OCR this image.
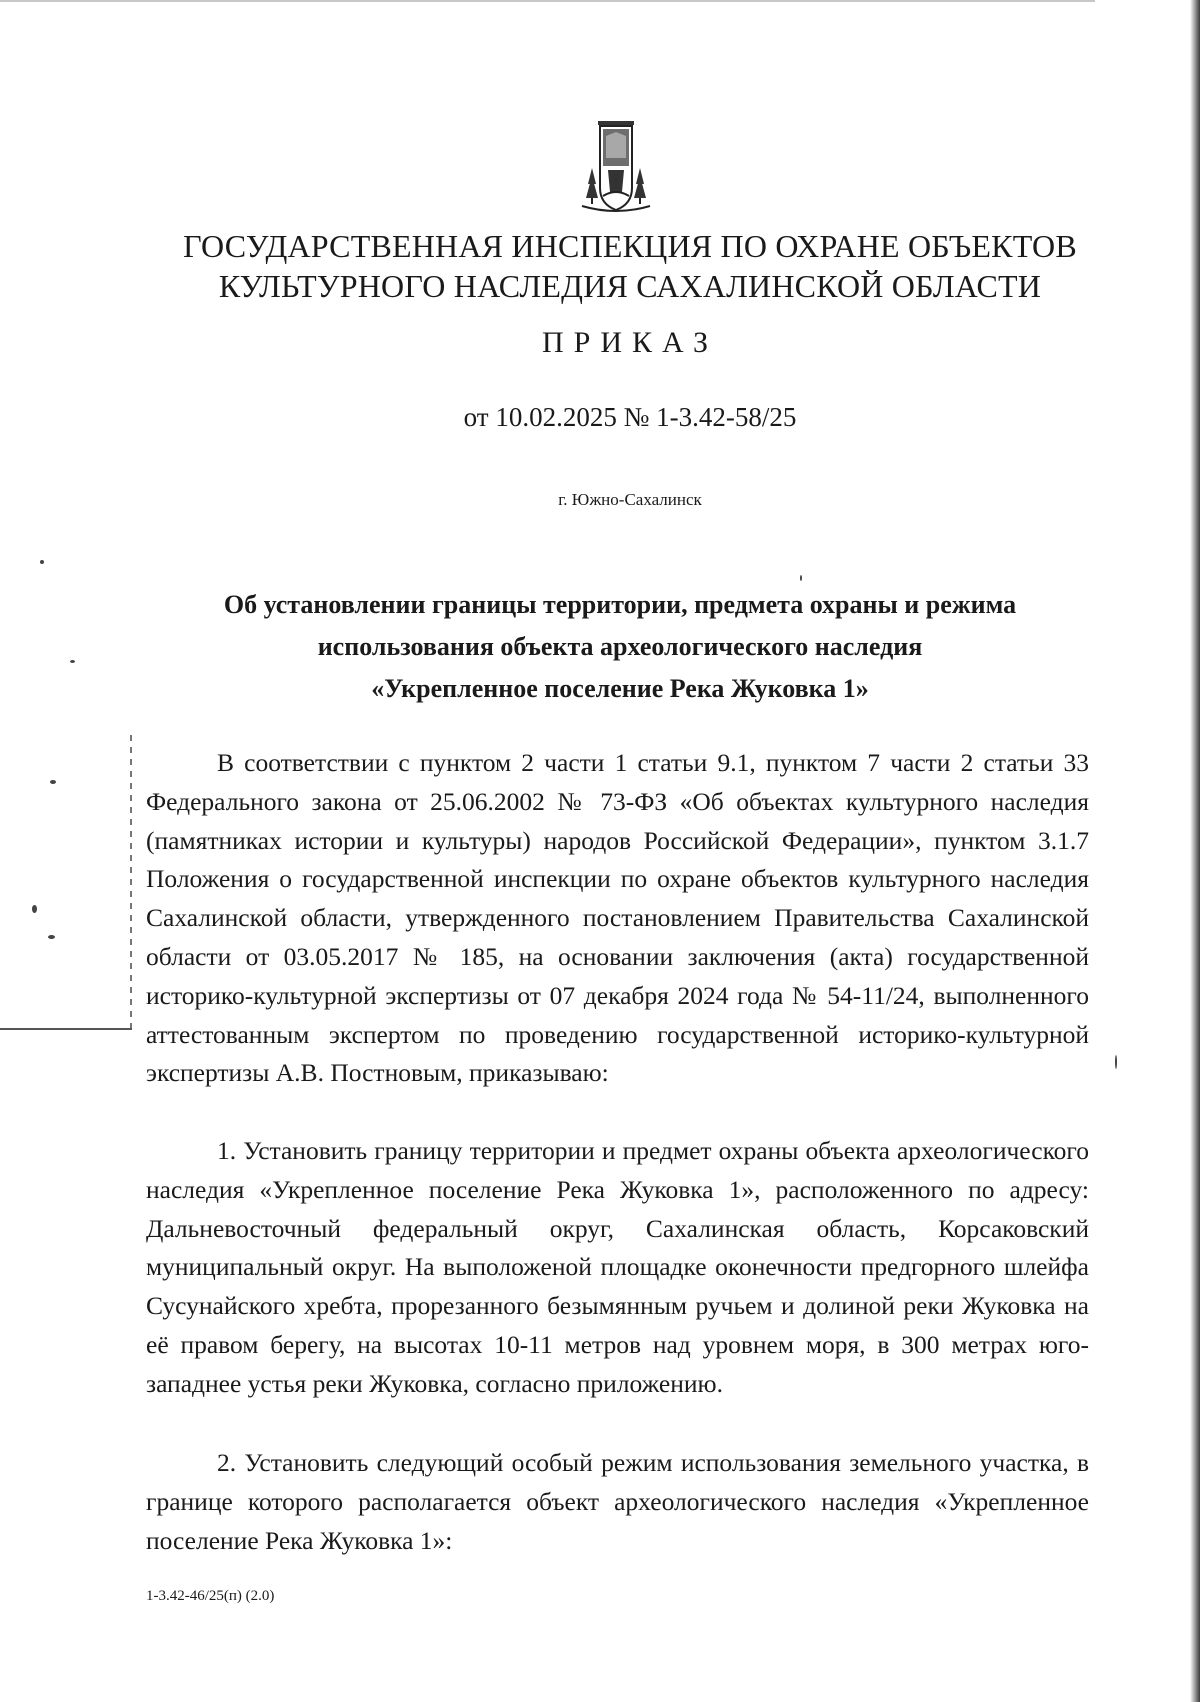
ГОСУДАРСТВЕННАЯ ИНСПЕКЦИЯ ПО ОХРАНЕ ОБЪЕКТОВ
КУЛЬТУРНОГО НАСЛЕДИЯ САХАЛИНСКОЙ ОБЛАСТИ
ПРИКАЗ
от 10.02.2025 № 1-3.42-58/25
г. Южно-Сахалинск
Об установлении границы территории, предмета охраны и режима
использования объекта археологического наследия
«Укрепленное поселение Река Жуковка 1»
В соответствии с пунктом 2 части 1 статьи 9.1, пунктом 7 части 2 статьи 33 Федерального закона от 25.06.2002 № 73-ФЗ «Об объектах культурного наследия (памятниках истории и культуры) народов Российской Федерации», пунктом 3.1.7 Положения о государственной инспекции по охране объектов культурного наследия Сахалинской области, утвержденного постановлением Правительства Сахалинской области от 03.05.2017 № 185, на основании заключения (акта) государственной историко-культурной экспертизы от 07 декабря 2024 года № 54-11/24, выполненного аттестованным экспертом по проведению государственной историко-культурной экспертизы А.В. Постновым, приказываю:
1. Установить границу территории и предмет охраны объекта археологического наследия «Укрепленное поселение Река Жуковка 1», расположенного по адресу: Дальневосточный федеральный округ, Сахалинская область, Корсаковский муниципальный округ. На выположеной площадке оконечности предгорного шлейфа Сусунайского хребта, прорезанного безымянным ручьем и долиной реки Жуковка на её правом берегу, на высотах 10-11 метров над уровнем моря, в 300 метрах юго-западнее устья реки Жуковка, согласно приложению.
2. Установить следующий особый режим использования земельного участка, в границе которого располагается объект археологического наследия «Укрепленное поселение Река Жуковка 1»:
1-3.42-46/25(п) (2.0)
